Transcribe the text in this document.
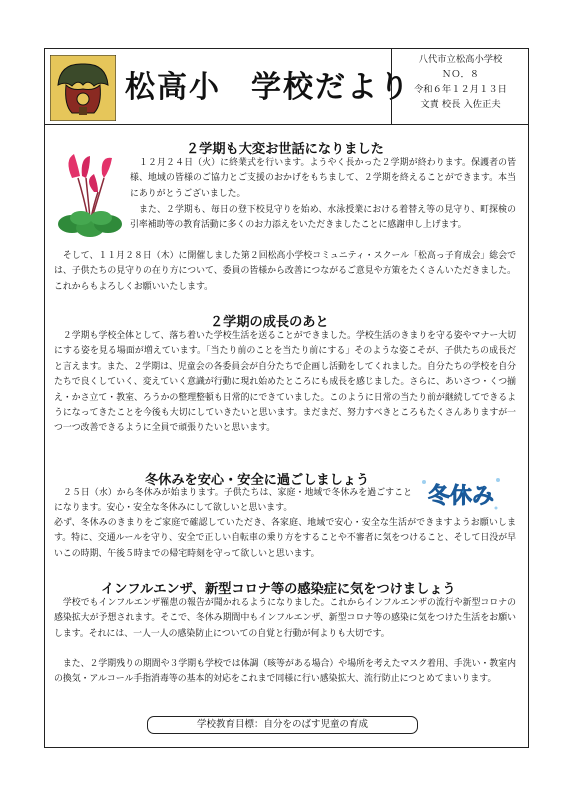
松高小 学校だより
八代市立松高小学校
ＮＯ．８
令和６年１２月１３日
文責 校長 入佐正夫
２学期も大変お世話になりました

　１２月２４日（火）に終業式を行います。ようやく長かった２学期が終わります。保護者の皆様、地域の皆様のご協力とご支援のおかげをもちまして、２学期を終えることができます。本当にありがとうございました。

　また、２学期も、毎日の登下校見守りを始め、水泳授業における着替え等の見守り、町探検の引率補助等の教育活動に多くのお力添えをいただきましたことに感謝申し上げます。

　そして、１１月２８日（木）に開催しました第２回松高小学校コミュニティ・スクール「松高っ子育成会」総会では、子供たちの見守りの在り方について、委員の皆様から改善につながるご意見や方策をたくさんいただきました。これからもよろしくお願いいたします。

２学期の成長のあと

　２学期も学校全体として、落ち着いた学校生活を送ることができました。学校生活のきまりを守る姿やマナー大切にする姿を見る場面が増えています。「当たり前のことを当たり前にする」そのような姿こそが、子供たちの成長だと言えます。また、２学期は、児童会の各委員会が自分たちで企画し活動をしてくれました。自分たちの学校を自分たちで良くしていく、変えていく意識が行動に現れ始めたところにも成長を感じました。さらに、あいさつ・くつ揃え・かさ立て・教室、ろうかの整理整頓も日常的にできていました。このように日常の当たり前が継続してできるようになってきたことを今後も大切にしていきたいと思います。まだまだ、努力すべきところもたくさんありますが一つ一つ改善できるように全員で頑張りたいと思います。

冬休みを安心・安全に過ごしましょう

　２５日（水）から冬休みが始まります。子供たちは、家庭・地域で冬休みを過ごすことになります。安心・安全な冬休みにして欲しいと思います。

必ず、冬休みのきまりをご家庭で確認していただき、各家庭、地域で安心・安全な生活ができますようお願いします。特に、交通ルールを守り、安全で正しい自転車の乗り方をすることや不審者に気をつけること、そして日没が早いこの時期、午後５時までの帰宅時刻を守って欲しいと思います。

冬休み
インフルエンザ、新型コロナ等の感染症に気をつけましょう

　学校でもインフルエンザ罹患の報告が聞かれるようになりました。これからインフルエンザの流行や新型コロナの感染拡大が予想されます。そこで、冬休み期間中もインフルエンザ、新型コロナ等の感染に気をつけた生活をお願いします。それには、一人一人の感染防止についての自覚と行動が何よりも大切です。

　また、２学期残りの期間や３学期も学校では体調（咳等がある場合）や場所を考えたマスク着用、手洗い・教室内の換気・アルコール手指消毒等の基本的対応をこれまで同様に行い感染拡大、流行防止につとめてまいります。

学校教育目標：自分をのばす児童の育成
